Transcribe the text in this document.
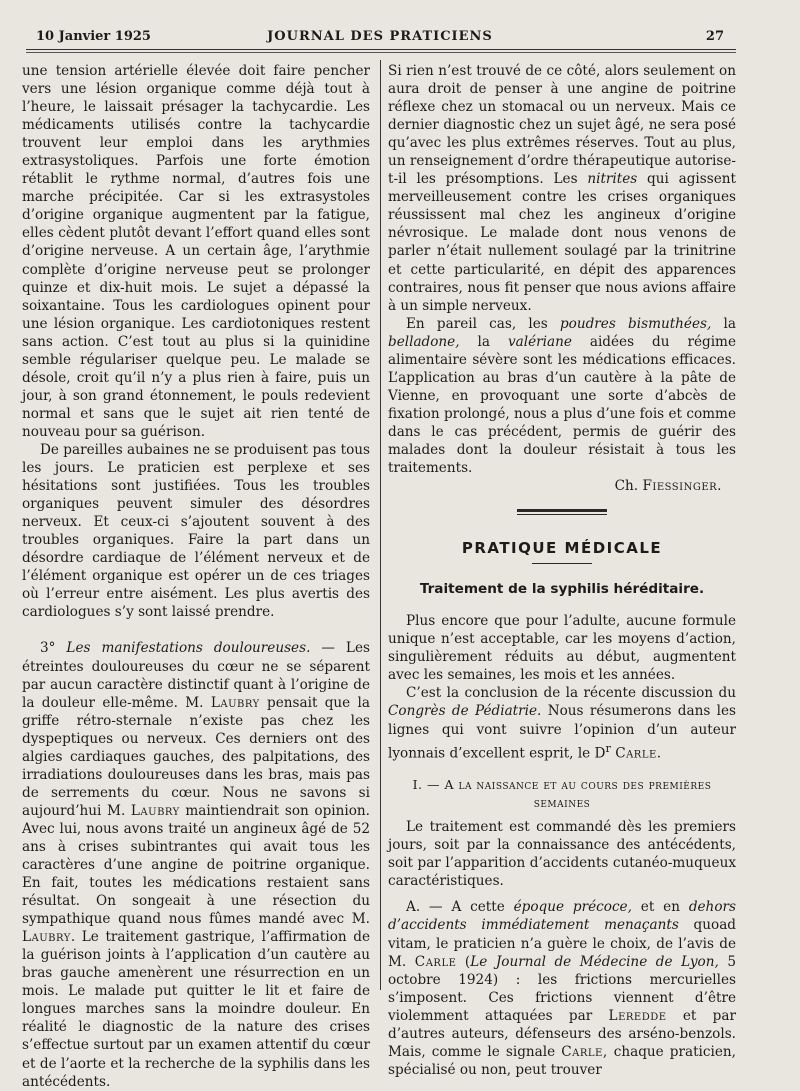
10 Janvier 1925	JOURNAL DES PRATICIENS	27

une tension artérielle élevée doit faire pencher vers une lésion organique comme déjà tout à l’heure, le laissait présager la tachycardie. Les médicaments utilisés contre la tachycardie trouvent leur emploi dans les arythmies extrasystoliques. Parfois une forte émotion rétablit le rythme normal, d’autres fois une marche précipitée. Car si les extrasystoles d’origine organique augmentent par la fatigue, elles cèdent plutôt devant l’effort quand elles sont d’origine nerveuse. A un certain âge, l’arythmie complète d’origine nerveuse peut se prolonger quinze et dix-huit mois. Le sujet a dépassé la soixantaine. Tous les cardiologues opinent pour une lésion organique. Les cardiotoniques restent sans action. C’est tout au plus si la quinidine semble régulariser quelque peu. Le malade se désole, croit qu’il n’y a plus rien à faire, puis un jour, à son grand étonnement, le pouls redevient normal et sans que le sujet ait rien tenté de nouveau pour sa guérison.

De pareilles aubaines ne se produisent pas tous les jours. Le praticien est perplexe et ses hésitations sont justifiées. Tous les troubles organiques peuvent simuler des désordres nerveux. Et ceux-ci s’ajoutent souvent à des troubles organiques. Faire la part dans un désordre cardiaque de l’élément nerveux et de l’élément organique est opérer un de ces triages où l’erreur entre aisément. Les plus avertis des cardiologues s’y sont laissé prendre.

3° Les manifestations douloureuses. — Les étreintes douloureuses du cœur ne se séparent par aucun caractère distinctif quant à l’origine de la douleur elle-même. M. Laubry pensait que la griffe rétro-sternale n’existe pas chez les dyspeptiques ou nerveux. Ces derniers ont des algies cardiaques gauches, des palpitations, des irradiations douloureuses dans les bras, mais pas de serrements du cœur. Nous ne savons si aujourd’hui M. Laubry maintiendrait son opinion. Avec lui, nous avons traité un angineux âgé de 52 ans à crises subintrantes qui avait tous les caractères d’une angine de poitrine organique. En fait, toutes les médications restaient sans résultat. On songeait à une résection du sympathique quand nous fûmes mandé avec M. Laubry. Le traitement gastrique, l’affirmation de la guérison joints à l’application d’un cautère au bras gauche amenèrent une résurrection en un mois. Le malade put quitter le lit et faire de longues marches sans la moindre douleur. En réalité le diagnostic de la nature des crises s’effectue surtout par un examen attentif du cœur et de l’aorte et la recherche de la syphilis dans les antécédents.

Si rien n’est trouvé de ce côté, alors seulement on aura droit de penser à une angine de poitrine réflexe chez un stomacal ou un nerveux. Mais ce dernier diagnostic chez un sujet âgé, ne sera posé qu’avec les plus extrêmes réserves. Tout au plus, un renseignement d’ordre thérapeutique autorise-t-il les présomptions. Les nitrites qui agissent merveilleusement contre les crises organiques réussissent mal chez les angineux d’origine névrosique. Le malade dont nous venons de parler n’était nullement soulagé par la trinitrine et cette particularité, en dépit des apparences contraires, nous fit penser que nous avions affaire à un simple nerveux.

En pareil cas, les poudres bismuthées, la belladone, la valériane aidées du régime alimentaire sévère sont les médications efficaces. L’application au bras d’un cautère à la pâte de Vienne, en provoquant une sorte d’abcès de fixation prolongé, nous a plus d’une fois et comme dans le cas précédent, permis de guérir des malades dont la douleur résistait à tous les traitements.

Ch. Fiessinger.

PRATIQUE MÉDICALE
Traitement de la syphilis héréditaire.

Plus encore que pour l’adulte, aucune formule unique n’est acceptable, car les moyens d’action, singulièrement réduits au début, augmentent avec les semaines, les mois et les années.

C’est la conclusion de la récente discussion du Congrès de Pédiatrie. Nous résumerons dans les lignes qui vont suivre l’opinion d’un auteur lyonnais d’excellent esprit, le $D^r$ Carle.

I. — A la naissance et au cours des premières
semaines

Le traitement est commandé dès les premiers jours, soit par la connaissance des antécédents, soit par l’apparition d’accidents cutanéo-muqueux caractéristiques.

A. — A cette époque précoce, et en dehors d’accidents immédiatement menaçants quoad vitam, le praticien n’a guère le choix, de l’avis de M. Carle (Le Journal de Médecine de Lyon, 5 octobre 1924) : les frictions mercurielles s’imposent. Ces frictions viennent d’être violemment attaquées par Leredde et par d’autres auteurs, défenseurs des arséno-benzols. Mais, comme le signale Carle, chaque praticien, spécialisé ou non, peut trouver
